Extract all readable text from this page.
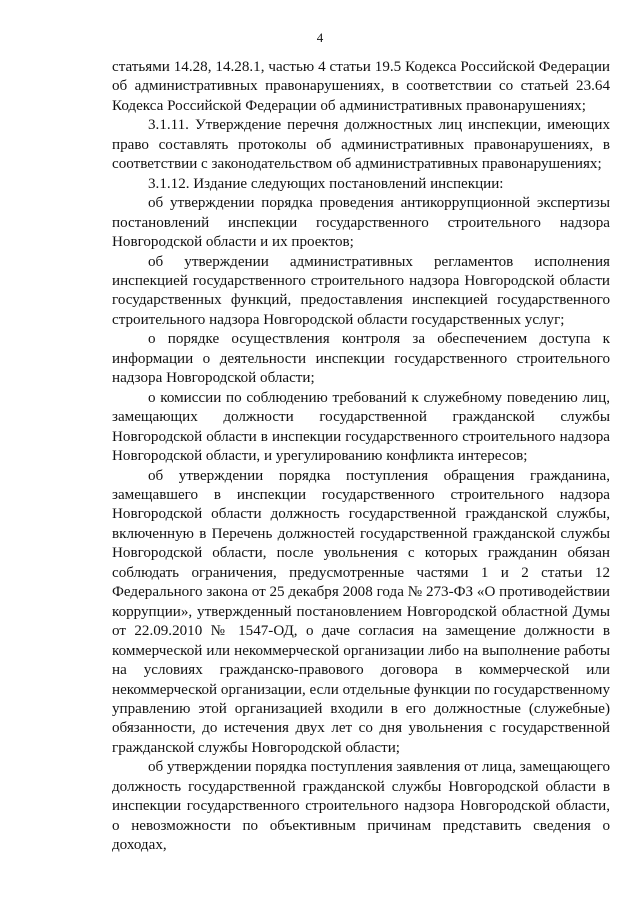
4

статьями 14.28, 14.28.1, частью 4 статьи 19.5 Кодекса Российской Федерации об административных правонарушениях, в соответствии со статьей 23.64 Кодекса Российской Федерации об административных правонарушениях;

3.1.11. Утверждение перечня должностных лиц инспекции, имеющих право составлять протоколы об административных правонарушениях, в соответствии с законодательством об административных правонарушениях;

3.1.12. Издание следующих постановлений инспекции:

об утверждении порядка проведения антикоррупционной экспертизы постановлений инспекции государственного строительного надзора Новгородской области и их проектов;

об утверждении административных регламентов исполнения инспекцией государственного строительного надзора Новгородской области государственных функций, предоставления инспекцией государственного строительного надзора Новгородской области государственных услуг;

о порядке осуществления контроля за обеспечением доступа к информации о деятельности инспекции государственного строительного надзора Новгородской области;

о комиссии по соблюдению требований к служебному поведению лиц, замещающих должности государственной гражданской службы Новгородской области в инспекции государственного строительного надзора Новгородской области, и урегулированию конфликта интересов;

об утверждении порядка поступления обращения гражданина, замещавшего в инспекции государственного строительного надзора Новгородской области должность государственной гражданской службы, включенную в Перечень должностей государственной гражданской службы Новгородской области, после увольнения с которых гражданин обязан соблюдать ограничения, предусмотренные частями 1 и 2 статьи 12 Федерального закона от 25 декабря 2008 года № 273-ФЗ «О противодействии коррупции», утвержденный постановлением Новгородской областной Думы от 22.09.2010 № 1547-ОД, о даче согласия на замещение должности в коммерческой или некоммерческой организации либо на выполнение работы на условиях гражданско-правового договора в коммерческой или некоммерческой организации, если отдельные функции по государственному управлению этой организацией входили в его должностные (служебные) обязанности, до истечения двух лет со дня увольнения с государственной гражданской службы Новгородской области;

об утверждении порядка поступления заявления от лица, замещающего должность государственной гражданской службы Новгородской области в инспекции государственного строительного надзора Новгородской области, о невозможности по объективным причинам представить сведения о доходах,
